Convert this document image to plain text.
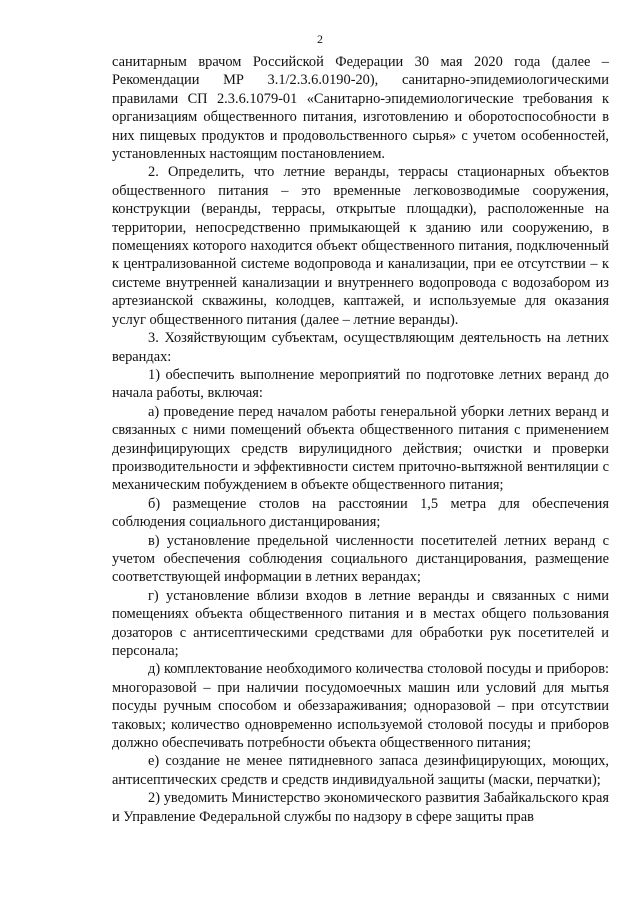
2

санитарным врачом Российской Федерации 30 мая 2020 года (далее – Рекомендации МР 3.1/2.3.6.0190-20), санитарно-эпидемиологическими правилами СП 2.3.6.1079-01 «Санитарно-эпидемиологические требования к организациям общественного питания, изготовлению и оборотоспособности в них пищевых продуктов и продовольственного сырья» с учетом особенностей, установленных настоящим постановлением.

2. Определить, что летние веранды, террасы стационарных объектов общественного питания – это временные легковозводимые сооружения, конструкции (веранды, террасы, открытые площадки), расположенные на территории, непосредственно примыкающей к зданию или сооружению, в помещениях которого находится объект общественного питания, подключенный к централизованной системе водопровода и канализации, при ее отсутствии – к системе внутренней канализации и внутреннего водопровода с водозабором из артезианской скважины, колодцев, каптажей, и используемые для оказания услуг общественного питания (далее – летние веранды).

3. Хозяйствующим субъектам, осуществляющим деятельность на летних верандах:

1) обеспечить выполнение мероприятий по подготовке летних веранд до начала работы, включая:

а) проведение перед началом работы генеральной уборки летних веранд и связанных с ними помещений объекта общественного питания с применением дезинфицирующих средств вирулицидного действия; очистки и проверки производительности и эффективности систем приточно-вытяжной вентиляции с механическим побуждением в объекте общественного питания;

б) размещение столов на расстоянии 1,5 метра для обеспечения соблюдения социального дистанцирования;

в) установление предельной численности посетителей летних веранд с учетом обеспечения соблюдения социального дистанцирования, размещение соответствующей информации в летних верандах;

г) установление вблизи входов в летние веранды и связанных с ними помещениях объекта общественного питания и в местах общего пользования дозаторов с антисептическими средствами для обработки рук посетителей и персонала;

д) комплектование необходимого количества столовой посуды и приборов: многоразовой – при наличии посудомоечных машин или условий для мытья посуды ручным способом и обеззараживания; одноразовой – при отсутствии таковых; количество одновременно используемой столовой посуды и приборов должно обеспечивать потребности объекта общественного питания;

е) создание не менее пятидневного запаса дезинфицирующих, моющих, антисептических средств и средств индивидуальной защиты (маски, перчатки);

2) уведомить Министерство экономического развития Забайкальского края и Управление Федеральной службы по надзору в сфере защиты прав
